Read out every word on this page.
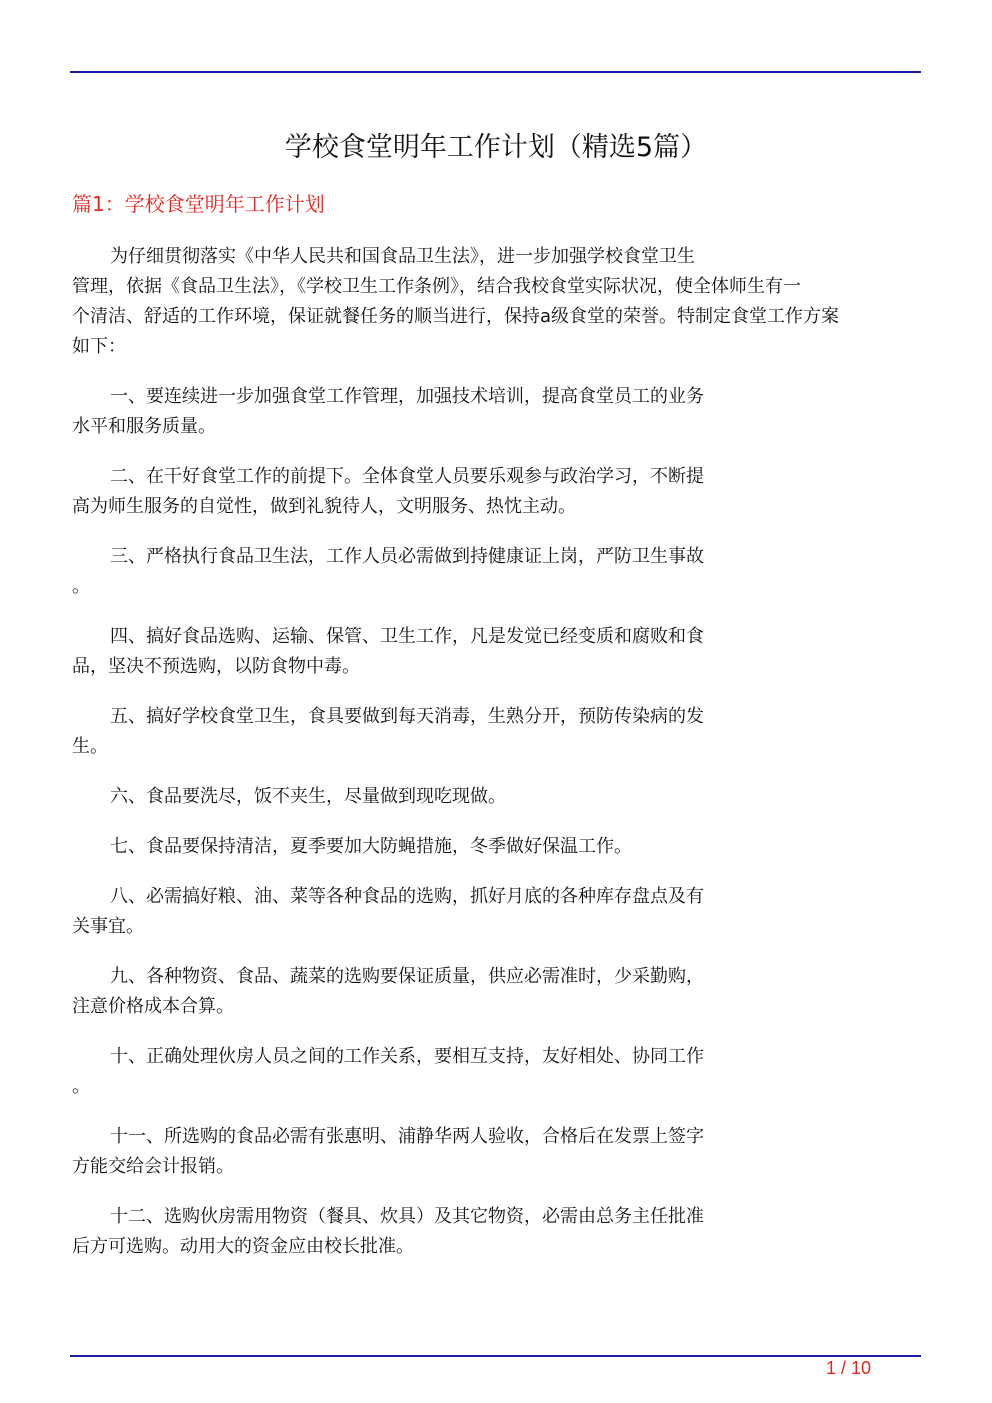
学校食堂明年工作计划（精选5篇）
篇1：学校食堂明年工作计划
为仔细贯彻落实《中华人民共和国食品卫生法》，进一步加强学校食堂卫生
管理，依据《食品卫生法》，《学校卫生工作条例》，结合我校食堂实际状况，使全体师生有一
个清洁、舒适的工作环境，保证就餐任务的顺当进行，保持a级食堂的荣誉。特制定食堂工作方案
如下：
一、要连续进一步加强食堂工作管理，加强技术培训，提高食堂员工的业务
水平和服务质量。
二、在干好食堂工作的前提下。全体食堂人员要乐观参与政治学习，不断提
高为师生服务的自觉性，做到礼貌待人，文明服务、热忱主动。
三、严格执行食品卫生法，工作人员必需做到持健康证上岗，严防卫生事故
。
四、搞好食品选购、运输、保管、卫生工作，凡是发觉已经变质和腐败和食
品，坚决不预选购，以防食物中毒。
五、搞好学校食堂卫生，食具要做到每天消毒，生熟分开，预防传染病的发
生。
六、食品要洗尽，饭不夹生，尽量做到现吃现做。
七、食品要保持清洁，夏季要加大防蝇措施，冬季做好保温工作。
八、必需搞好粮、油、菜等各种食品的选购，抓好月底的各种库存盘点及有
关事宜。
九、各种物资、食品、蔬菜的选购要保证质量，供应必需准时，少采勤购，
注意价格成本合算。
十、正确处理伙房人员之间的工作关系，要相互支持，友好相处、协同工作
。
十一、所选购的食品必需有张惠明、浦静华两人验收，合格后在发票上签字
方能交给会计报销。
十二、选购伙房需用物资（餐具、炊具）及其它物资，必需由总务主任批准
后方可选购。动用大的资金应由校长批准。
1 / 10
